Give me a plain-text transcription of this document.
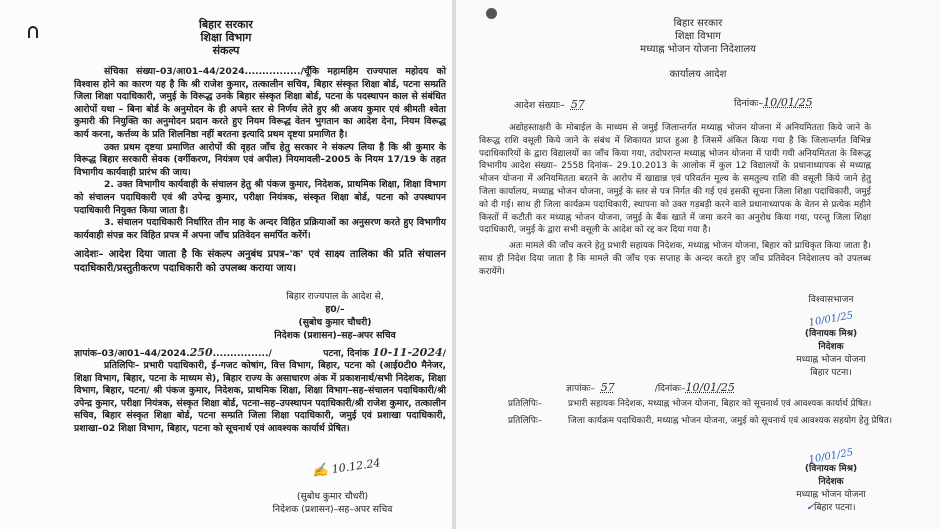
बिहार सरकार
शिक्षा विभाग
संकल्प

संचिका संख्या–03/आ01–44/2024................/चूँकि महामहिम राज्यपाल महोदय को विश्वास होने का कारण यह है कि श्री राजेश कुमार, तत्कालीन सचिव, बिहार संस्कृत शिक्षा बोर्ड, पटना सम्प्रति जिला शिक्षा पदाधिकारी, जमुई के विरूद्ध उनके बिहार संस्कृत शिक्षा बोर्ड, पटना के पदस्थापन काल से संबंधित आरोपों यथा – बिना बोर्ड के अनुमोदन के ही अपने स्तर से निर्णय लेते हुए श्री अजय कुमार एवं श्रीमती श्वेता कुमारी की नियुक्ति का अनुमोदन प्रदान करते हुए नियम विरूद्ध वेतन भुगतान का आदेश देना, नियम विरूद्ध कार्य करना, कर्त्तव्य के प्रति शिलनिष्ठा नहीं बरतना इत्यादि प्रथम दृष्टया प्रमाणित है।

उक्त प्रथम दृष्टया प्रमाणित आरोपों की वृहत जाँच हेतु सरकार ने संकल्प लिया है कि श्री कुमार के विरूद्ध बिहार सरकारी सेवक (वर्गीकरण, नियंत्रण एवं अपील) नियमावली–2005 के नियम 17/19 के तहत विभागीय कार्यवाही प्रारंभ की जाय।

2. उक्त विभागीय कार्यवाही के संचालन हेतु श्री पंकज कुमार, निदेशक, प्राथमिक शिक्षा, शिक्षा विभाग को संचालन पदाधिकारी एवं श्री उपेन्द्र कुमार, परीक्षा नियंत्रक, संस्कृत शिक्षा बोर्ड, पटना को उपस्थापन पदाधिकारी नियुक्त किया जाता है।

3. संचालन पदाधिकारी निर्धारित तीन माह के अन्दर विहित प्रक्रियाओं का अनुसरण करते हुए विभागीय कार्यवाही संपन्न कर विहित प्रपत्र में अपना जाँच प्रतिवेदन समर्पित करेंगें।

आदेशः– आदेश दिया जाता है कि संकल्प अनुबंध प्रपत्र–'क' एवं साक्ष्य तालिका की प्रति संचालन पदाधिकारी/प्रस्तुतीकरण पदाधिकारी को उपलब्ध कराया जाय।

बिहार राज्यपाल के आदेश से,
ह0/–
(सुबोध कुमार चौधरी)
निदेशक (प्रशासन)–सह–अपर सचिव
ज्ञापांक–03/आ01–44/2024.250................/	पटना, दिनांक 10-11-2024/

प्रतिलिपिः– प्रभारी पदाधिकारी, ई–गजट कोषांग, वित्त विभाग, बिहार, पटना को (आई0टी0 मैनेजर, शिक्षा विभाग, बिहार, पटना के माध्यम से), बिहार राज्य के असाधारण अंक में प्रकाशनार्थ/सभी निदेशक, शिक्षा विभाग, बिहार, पटना/ श्री पंकज कुमार, निदेशक, प्राथमिक शिक्षा, शिक्षा विभाग–सह–संचालन पदाधिकारी/श्री उपेन्द्र कुमार, परीक्षा नियंत्रक, संस्कृत शिक्षा बोर्ड, पटना–सह–उपस्थापन पदाधिकारी/श्री राजेश कुमार, तत्कालीन सचिव, बिहार संस्कृत शिक्षा बोर्ड, पटना सम्प्रति जिला शिक्षा पदाधिकारी, जमुई एवं प्रशाखा पदाधिकारी, प्रशाखा–02 शिक्षा विभाग, बिहार, पटना को सूचनार्थ एवं आवश्यक कार्यार्थ प्रेषित।

✍ 10.12.24
(सुबोध कुमार चौधरी)
निदेशक (प्रशासन)–सह–अपर सचिव
बिहार सरकार
शिक्षा विभाग
मध्याह्न भोजन योजना निदेशालय
कार्यालय आदेश
आदेश संख्याः– 57	दिनांकः–10/01/25

अद्योहस्ताक्षरी के मोबाईल के माध्यम से जमुई जिलान्तर्गत मध्याह्न भोजन योजना में अनियमितता किये जाने के विरूद्ध राशि वसूली किये जाने के संबंध में शिकायत प्राप्त हुआ है जिसमें अंकित किया गया है कि जिलान्तर्गत विभिन्न पदाधिकारियों के द्वारा विद्यालयों का जाँच किया गया, तदोपरान्त मध्याह्न भोजन योजना में पायी गयी अनियमितता के विरूद्ध विभागीय आदेश संख्या– 2558 दिनांक– 29.10.2013 के आलोक में कुल 12 विद्यालयों के प्रधानाध्यापक से मध्याह्न भोजन योजना में अनियमितता बरतने के आरोप में खाद्यान्न एवं परिवर्तन मूल्य के समतुल्य राशि की वसूली किये जाने हेतु जिला कार्यालय, मध्याह्न भोजन योजना, जमुई के स्तर से पत्र निर्गत की गई एवं इसकी सूचना जिला शिक्षा पदाधिकारी, जमुई को दी गई। साथ ही जिला कार्यक्रम पदाधिकारी, स्थापना को उक्त गड़बड़ी करने वाले प्रधानाध्यापक के वेतन से प्रत्येक महीने किस्तों में कटौती कर मध्याह्न भोजन योजना, जमुई के बैंक खाते में जमा करने का अनुरोध किया गया, परन्तु जिला शिक्षा पदाधिकारी, जमुई के द्वारा सभी वसूली के आदेश को रद्द कर दिया गया है।

अतः मामले की जाँच करने हेतु प्रभारी सहायक निदेशक, मध्याह्न भोजन योजना, बिहार को प्राधिकृत किया जाता है। साथ ही निदेश दिया जाता है कि मामले की जाँच एक सप्ताह के अन्दर करते हुए जाँच प्रतिवेदन निदेशालय को उपलब्ध करायेंगे।

विश्वासभाजन
10/01/25
(विनायक मिश्र)
निदेशक
मध्याह्न भोजन योजना
बिहार पटना।
ज्ञापांकः– 57	/दिनांकः–10/01/25
प्रतिलिपिः–	प्रभारी सहायक निदेशक, मध्याह्न भोजन योजना, बिहार को सूचनार्थ एवं आवश्यक कार्यार्थ प्रेषित।
प्रतिलिपिः–	जिला कार्यक्रम पदाधिकारी, मध्याह्न भोजन योजना, जमुई को सूचनार्थ एवं आवश्यक सहयोग हेतु प्रेषित।
10/01/25
(विनायक मिश्र)
निदेशक
मध्याह्न भोजन योजना
✔बिहार पटना।
